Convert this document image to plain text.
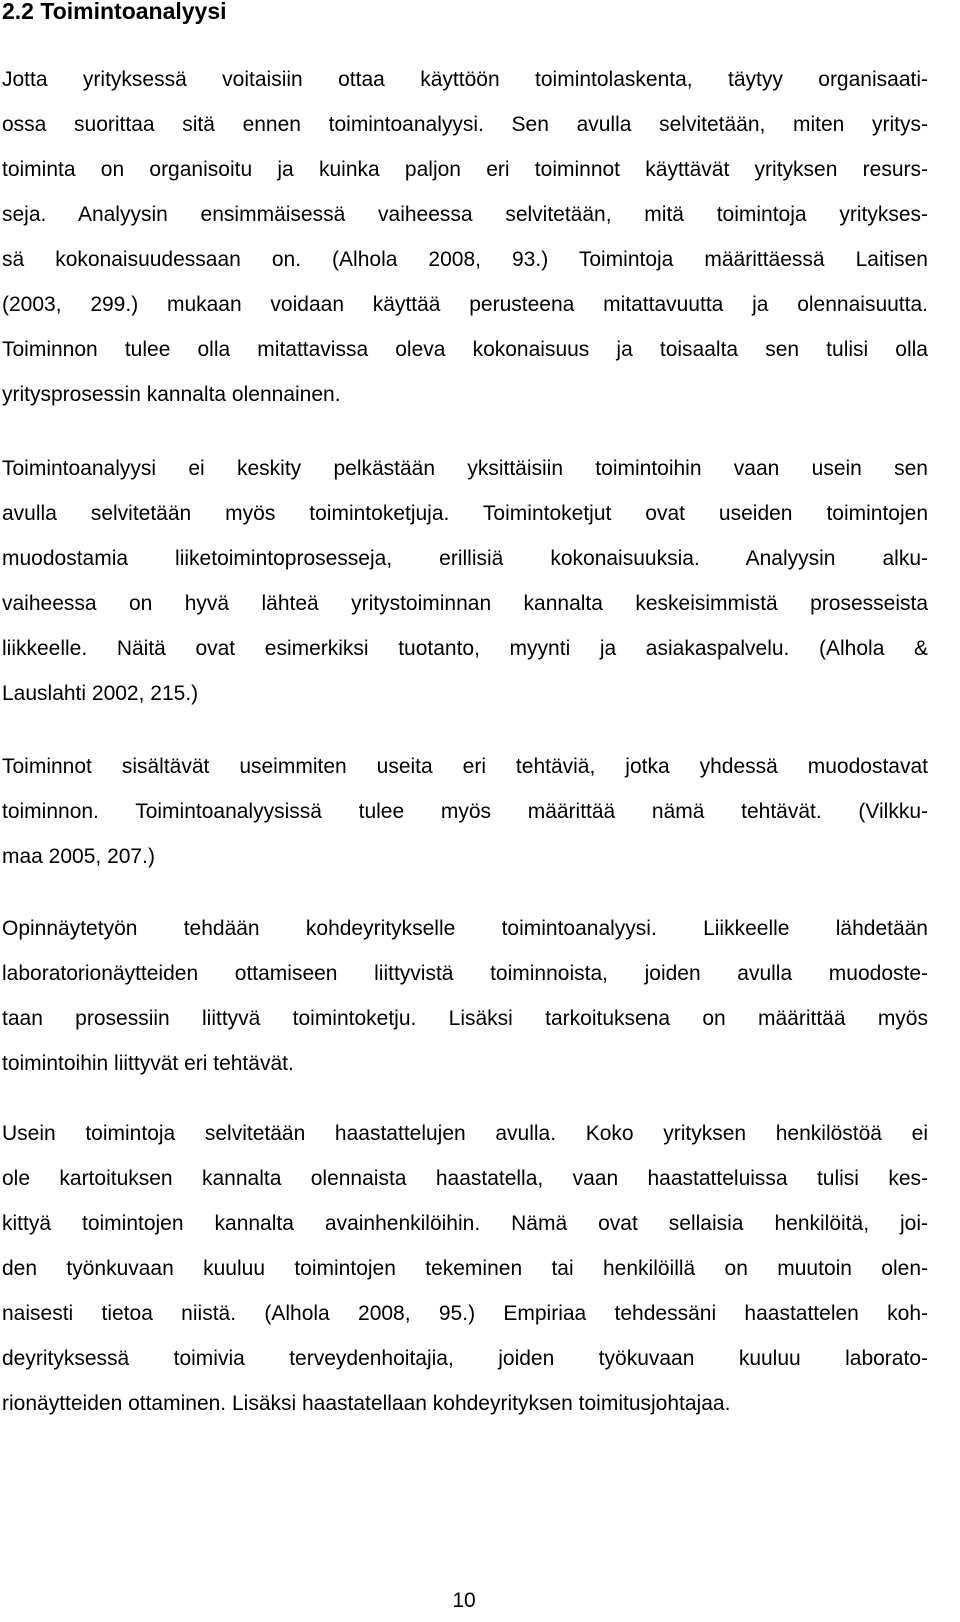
2.2 Toimintoanalyysi
Jotta yrityksessä voitaisiin ottaa käyttöön toimintolaskenta, täytyy organisaati-
ossa suorittaa sitä ennen toimintoanalyysi. Sen avulla selvitetään, miten yritys-
toiminta on organisoitu ja kuinka paljon eri toiminnot käyttävät yrityksen resurs-
seja. Analyysin ensimmäisessä vaiheessa selvitetään, mitä toimintoja yritykses-
sä kokonaisuudessaan on. (Alhola 2008, 93.) Toimintoja määrittäessä Laitisen
(2003, 299.) mukaan voidaan käyttää perusteena mitattavuutta ja olennaisuutta.
Toiminnon tulee olla mitattavissa oleva kokonaisuus ja toisaalta sen tulisi olla
yritysprosessin kannalta olennainen.
Toimintoanalyysi ei keskity pelkästään yksittäisiin toimintoihin vaan usein sen
avulla selvitetään myös toimintoketjuja. Toimintoketjut ovat useiden toimintojen
muodostamia liiketoimintoprosesseja, erillisiä kokonaisuuksia. Analyysin alku-
vaiheessa on hyvä lähteä yritystoiminnan kannalta keskeisimmistä prosesseista
liikkeelle. Näitä ovat esimerkiksi tuotanto, myynti ja asiakaspalvelu. (Alhola &
Lauslahti 2002, 215.)
Toiminnot sisältävät useimmiten useita eri tehtäviä, jotka yhdessä muodostavat
toiminnon. Toimintoanalyysissä tulee myös määrittää nämä tehtävät. (Vilkku-
maa 2005, 207.)
Opinnäytetyön tehdään kohdeyritykselle toimintoanalyysi. Liikkeelle lähdetään
laboratorionäytteiden ottamiseen liittyvistä toiminnoista, joiden avulla muodoste-
taan prosessiin liittyvä toimintoketju. Lisäksi tarkoituksena on määrittää myös
toimintoihin liittyvät eri tehtävät.
Usein toimintoja selvitetään haastattelujen avulla. Koko yrityksen henkilöstöä ei
ole kartoituksen kannalta olennaista haastatella, vaan haastatteluissa tulisi kes-
kittyä toimintojen kannalta avainhenkilöihin. Nämä ovat sellaisia henkilöitä, joi-
den työnkuvaan kuuluu toimintojen tekeminen tai henkilöillä on muutoin olen-
naisesti tietoa niistä. (Alhola 2008, 95.) Empiriaa tehdessäni haastattelen koh-
deyrityksessä toimivia terveydenhoitajia, joiden työkuvaan kuuluu laborato-
rionäytteiden ottaminen. Lisäksi haastatellaan kohdeyrityksen toimitusjohtajaa.
10
